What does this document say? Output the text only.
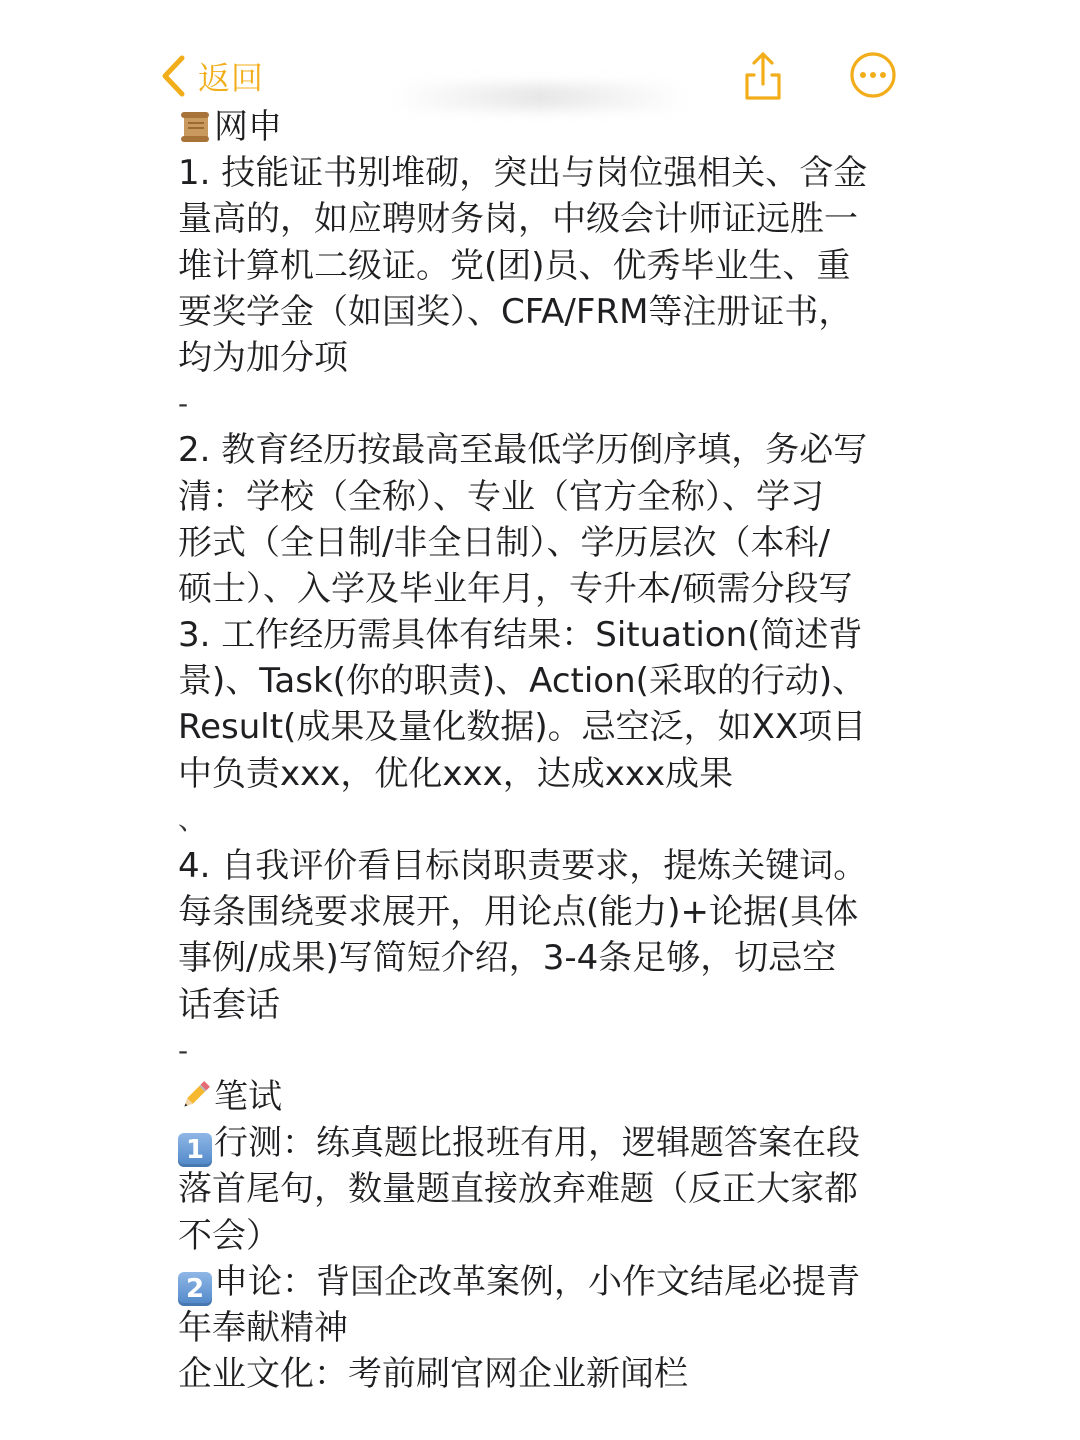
返回
网申
1. 技能证书别堆砌，突出与岗位强相关、含金
量高的，如应聘财务岗，中级会计师证远胜一
堆计算机二级证。党(团)员、优秀毕业生、重
要奖学金（如国奖）、CFA/FRM等注册证书，
均为加分项
-
2. 教育经历按最高至最低学历倒序填，务必写
清：学校（全称）、专业（官方全称）、学习
形式（全日制/非全日制）、学历层次（本科/
硕士）、入学及毕业年月，专升本/硕需分段写
3. 工作经历需具体有结果：Situation(简述背
景)、Task(你的职责)、Action(采取的行动)、
Result(成果及量化数据)。忌空泛，如XX项目
中负责xxx，优化xxx，达成xxx成果
、
4. 自我评价看目标岗职责要求，提炼关键词。
每条围绕要求展开，用论点(能力)+论据(具体
事例/成果)写简短介绍，3-4条足够，切忌空
话套话
-
笔试
1 行测：练真题比报班有用，逻辑题答案在段
落首尾句，数量题直接放弃难题（反正大家都
不会）
2 申论：背国企改革案例，小作文结尾必提青
年奉献精神
企业文化：考前刷官网企业新闻栏
